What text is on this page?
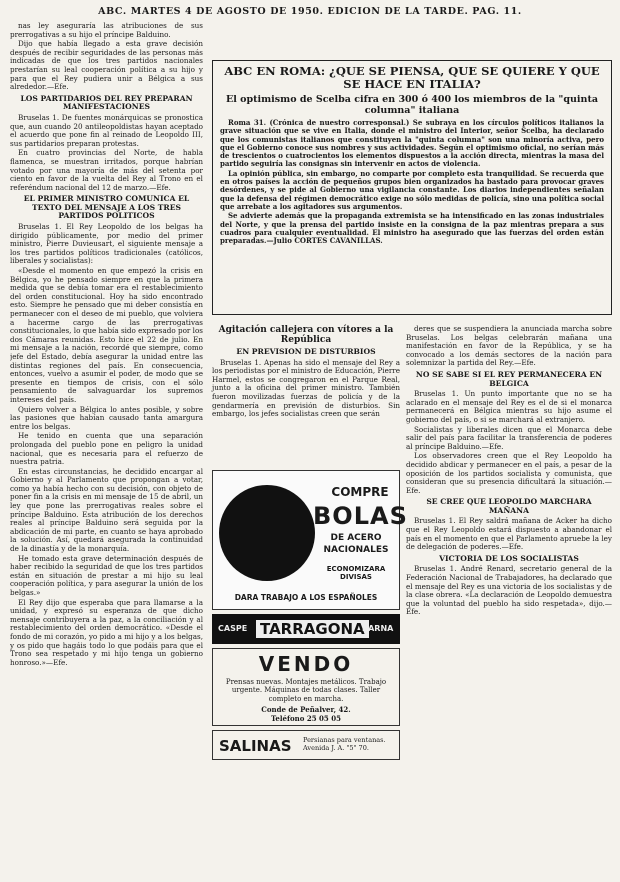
ABC. MARTES 4 DE AGOSTO DE 1950. EDICION DE LA TARDE. PAG. 11.

nas ley aseguraría las atribuciones de sus prerrogativas a su hijo el príncipe Balduino.

Dijo que había llegado a esta grave decisión después de recibir seguridades de las personas más indicadas de que los tres partidos nacionales prestarían su leal cooperación política a su hijo y para que el Rey pudiera unir a Bélgica a sus alrededor.—Efe.

LOS PARTIDARIOS DEL REY PREPARAN MANIFESTACIONES

Bruselas 1. De fuentes monárquicas se pronostica que, aun cuando 20 antileopoldistas hayan aceptado el acuerdo que pone fin al reinado de Leopoldo III, sus partidarios preparan protestas.

En cuatro provincias del Norte, de habla flamenca, se muestran irritados, porque habrían votado por una mayoría de más del setenta por ciento en favor de la vuelta del Rey al Trono en el referéndum nacional del 12 de marzo.—Efe.

EL PRIMER MINISTRO COMUNICA EL TEXTO DEL MENSAJE A LOS TRES PARTIDOS POLITICOS

Bruselas 1. El Rey Leopoldo de los belgas ha dirigido públicamente, por medio del primer ministro, Pierre Duvieusart, el siguiente mensaje a los tres partidos políticos tradicionales (católicos, liberales y socialistas):

«Desde el momento en que empezó la crisis en Bélgica, yo he pensado siempre en que la primera medida que se debía tomar era el restablecimiento del orden constitucional. Hoy ha sido encontrado esto. Siempre he pensado que mi deber consistía en permanecer con el deseo de mi pueblo, que volviera a hacerme cargo de las prerrogativas constitucionales, lo que había sido expresado por los dos Cámaras reunidas. Esto hice el 22 de julio. En mi mensaje a la nación, recordé que siempre, como jefe del Estado, debía asegurar la unidad entre las distintas regiones del país. En consecuencia, entonces, vuelvo a asumir el poder, de modo que se presente en tiempos de crisis, con el sólo pensamiento de salvaguardar los supremos intereses del país.

Quiero volver a Bélgica lo antes posible, y sobre las pasiones que habían causado tanta amargura entre los belgas.

He tenido en cuenta que una separación prolongada del pueblo pone en peligro la unidad nacional, que es necesaria para el refuerzo de nuestra patria.

En estas circunstancias, he decidido encargar al Gobierno y al Parlamento que propongan a votar, como ya había hecho con su decisión, con objeto de poner fin a la crisis en mi mensaje de 15 de abril, un ley que pone las prerrogativas reales sobre el príncipe Balduino. Esta atribución de los derechos reales al príncipe Balduino será seguida por la abdicación de mi parte, en cuanto se haya aprobado la solución. Así, quedará asegurada la continuidad de la dinastía y de la monarquía.

He tomado esta grave determinación después de haber recibido la seguridad de que los tres partidos están en situación de prestar a mi hijo su leal cooperación política, y para asegurar la unión de los belgas.»

El Rey dijo que esperaba que para llamarse a la unidad, y expresó su esperanza de que dicho mensaje contribuyera a la paz, a la conciliación y al restablecimiento del orden democrático. «Desde el fondo de mi corazón, yo pido a mi hijo y a los belgas, y os pido que hagáis todo lo que podáis para que el Trono sea respetado y mi hijo tenga un gobierno honroso.»—Efe.

ABC EN ROMA: ¿QUE SE PIENSA, QUE SE QUIERE Y QUE SE HACE EN ITALIA?
El optimismo de Scelba cifra en 300 ó 400 los miembros de la "quinta columna" italiana

Roma 31. (Crónica de nuestro corresponsal.) Se subraya en los círculos políticos italianos la grave situación que se vive en Italia, donde el ministro del Interior, señor Scelba, ha declarado que los comunistas italianos que constituyen la "quinta columna" son una minoría activa, pero que el Gobierno conoce sus nombres y sus actividades. Según el optimismo oficial, no serían más de trescientos o cuatrocientos los elementos dispuestos a la acción directa, mientras la masa del partido seguiría las consignas sin intervenir en actos de violencia.

La opinión pública, sin embargo, no comparte por completo esta tranquilidad. Se recuerda que en otros países la acción de pequeños grupos bien organizados ha bastado para provocar graves desórdenes, y se pide al Gobierno una vigilancia constante. Los diarios independientes señalan que la defensa del régimen democrático exige no sólo medidas de policía, sino una política social que arrebate a los agitadores sus argumentos.

Se advierte además que la propaganda extremista se ha intensificado en las zonas industriales del Norte, y que la prensa del partido insiste en la consigna de la paz mientras prepara a sus cuadros para cualquier eventualidad. El ministro ha asegurado que las fuerzas del orden están preparadas.—Julio CORTES CAVANILLAS.

Agitación callejera con vítores a la República

EN PREVISION DE DISTURBIOS

Bruselas 1. Apenas ha sido el mensaje del Rey a los periodistas por el ministro de Educación, Pierre Harmel, estos se congregaron en el Parque Real, junto a la oficina del primer ministro. También fueron movilizadas fuerzas de policía y de la gendarmería en previsión de disturbios. Sin embargo, los jefes socialistas creen que serán

COMPRE
BOLAS
DE ACERO
NACIONALES
ECONOMIZARA DIVISAS
DARA TRABAJO A LOS ESPAÑOLES
CASPE TARRAGONA
BARNA
VENDO
Prensas nuevas. Montajes metálicos. Trabajo urgente. Máquinas de todas clases. Taller completo en marcha.
Conde de Peñalver, 42.
Teléfono 25 05 05
SALINAS Persianas para ventanas. Avenida J. A. "5" 70.

deres que se suspendiera la anunciada marcha sobre Bruselas. Los belgas celebrarán mañana una manifestación en favor de la República, y se ha convocado a los demás sectores de la nación para solemnizar la partida del Rey.—Efe.

NO SE SABE SI EL REY PERMANECERA EN BELGICA

Bruselas 1. Un punto importante que no se ha aclarado en el mensaje del Rey es el de si el monarca permanecerá en Bélgica mientras su hijo asume el gobierno del país, o si se marchará al extranjero.

Socialistas y liberales dicen que el Monarca debe salir del país para facilitar la transferencia de poderes al príncipe Balduino.—Efe.

Los observadores creen que el Rey Leopoldo ha decidido abdicar y permanecer en el país, a pesar de la oposición de los partidos socialista y comunista, que consideran que su presencia dificultará la situación.—Efe.

SE CREE QUE LEOPOLDO MARCHARA MAÑANA

Bruselas 1. El Rey saldrá mañana de Acker ha dicho que el Rey Leopoldo estará dispuesto a abandonar el país en el momento en que el Parlamento apruebe la ley de delegación de poderes.—Efe.

VICTORIA DE LOS SOCIALISTAS

Bruselas 1. André Renard, secretario general de la Federación Nacional de Trabajadores, ha declarado que el mensaje del Rey es una victoria de los socialistas y de la clase obrera. «La declaración de Leopoldo demuestra que la voluntad del pueblo ha sido respetada», dijo.—Efe.
